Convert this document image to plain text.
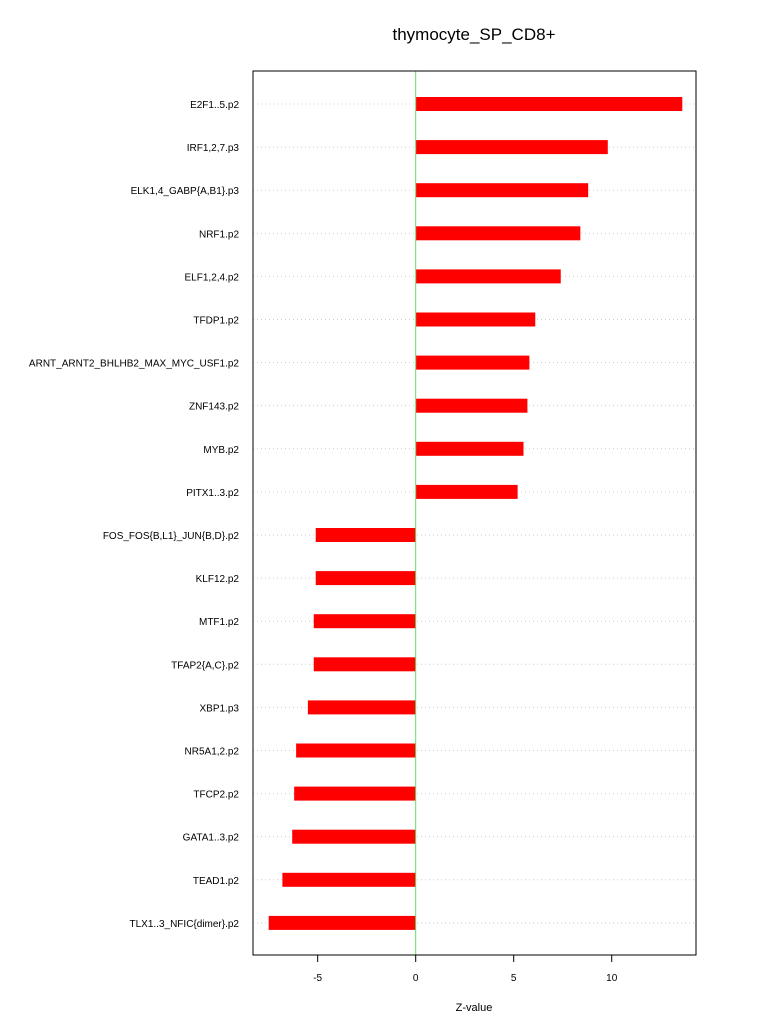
thymocyte_SP_CD8+
E2F1..5.p2
IRF1,2,7.p3
ELK1,4_GABP{A,B1}.p3
NRF1.p2
ELF1,2,4.p2
TFDP1.p2
ARNT_ARNT2_BHLHB2_MAX_MYC_USF1.p2
ZNF143.p2
MYB.p2
PITX1..3.p2
FOS_FOS{B,L1}_JUN{B,D}.p2
KLF12.p2
MTF1.p2
TFAP2{A,C}.p2
XBP1.p3
NR5A1,2.p2
TFCP2.p2
GATA1..3.p2
TEAD1.p2
TLX1..3_NFIC{dimer}.p2
-5	0	5	10
Z-value
